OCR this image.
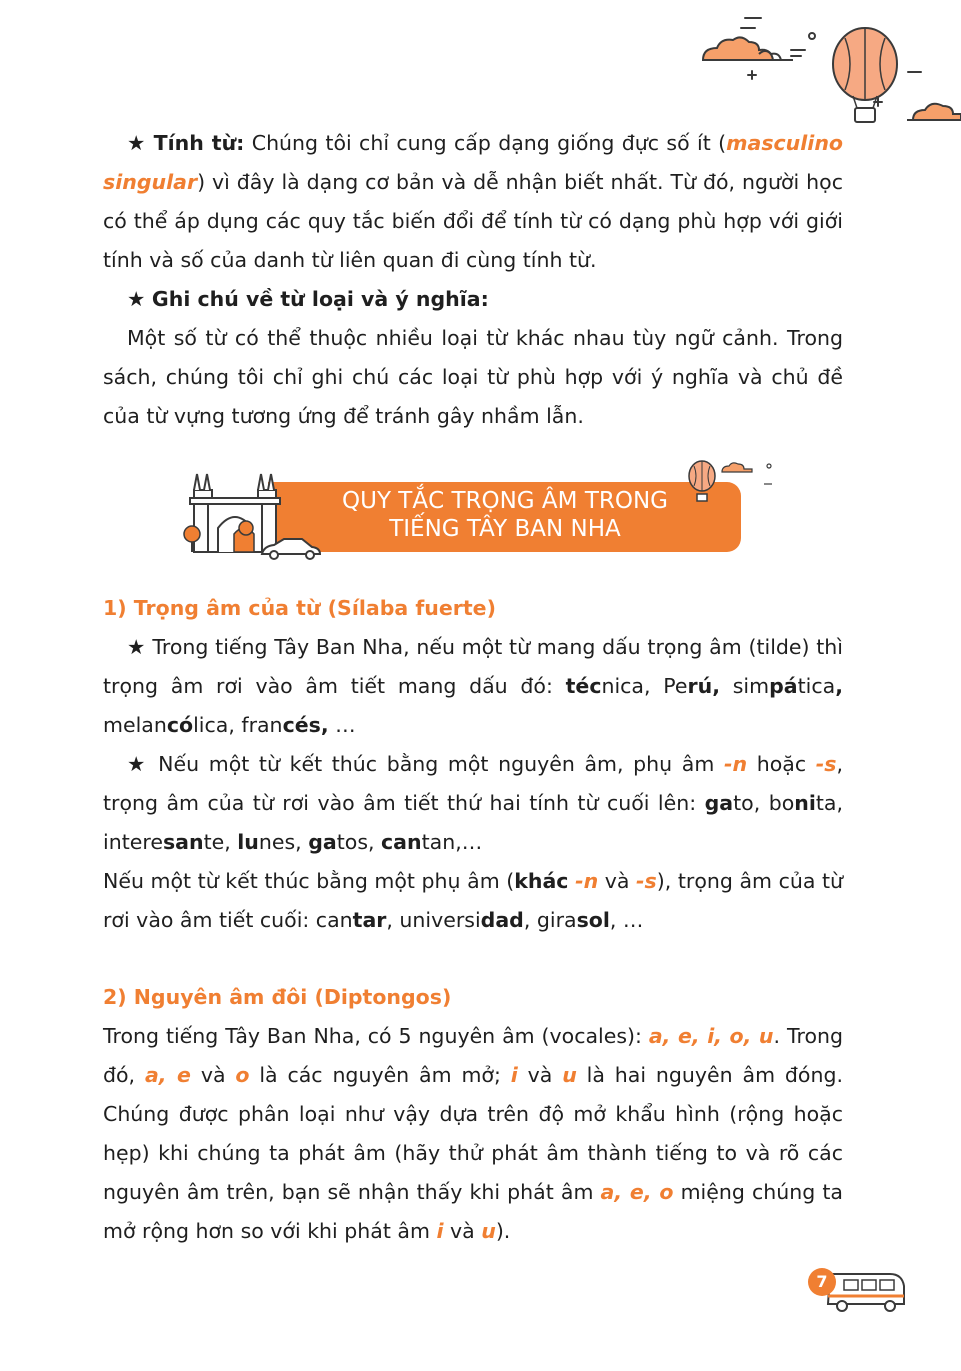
★ Tính từ: Chúng tôi chỉ cung cấp dạng giống đực số ít (masculino singular) vì đây là dạng cơ bản và dễ nhận biết nhất. Từ đó, người học có thể áp dụng các quy tắc biến đổi để tính từ có dạng phù hợp với giới tính và số của danh từ liên quan đi cùng tính từ.

★ Ghi chú về từ loại và ý nghĩa:

Một số từ có thể thuộc nhiều loại từ khác nhau tùy ngữ cảnh. Trong sách, chúng tôi chỉ ghi chú các loại từ phù hợp với ý nghĩa và chủ đề của từ vựng tương ứng để tránh gây nhầm lẫn.

QUY TẮC TRỌNG ÂM TRONG
TIẾNG TÂY BAN NHA

1) Trọng âm của từ (Sílaba fuerte)

★ Trong tiếng Tây Ban Nha, nếu một từ mang dấu trọng âm (tilde) thì trọng âm rơi vào âm tiết mang dấu đó: técnica, Perú, simpática, melancólica, francés, …

★ Nếu một từ kết thúc bằng một nguyên âm, phụ âm -n hoặc -s, trọng âm của từ rơi vào âm tiết thứ hai tính từ cuối lên: gato, bonita, interesante, lunes, gatos, cantan,…

Nếu một từ kết thúc bằng một phụ âm (khác -n và -s), trọng âm của từ rơi vào âm tiết cuối: cantar, universidad, girasol, …

2) Nguyên âm đôi (Diptongos)

Trong tiếng Tây Ban Nha, có 5 nguyên âm (vocales): a, e, i, o, u. Trong đó, a, e và o là các nguyên âm mở; i và u là hai nguyên âm đóng. Chúng được phân loại như vậy dựa trên độ mở khẩu hình (rộng hoặc hẹp) khi chúng ta phát âm (hãy thử phát âm thành tiếng to và rõ các nguyên âm trên, bạn sẽ nhận thấy khi phát âm a, e, o miệng chúng ta mở rộng hơn so với khi phát âm i và u).

7
